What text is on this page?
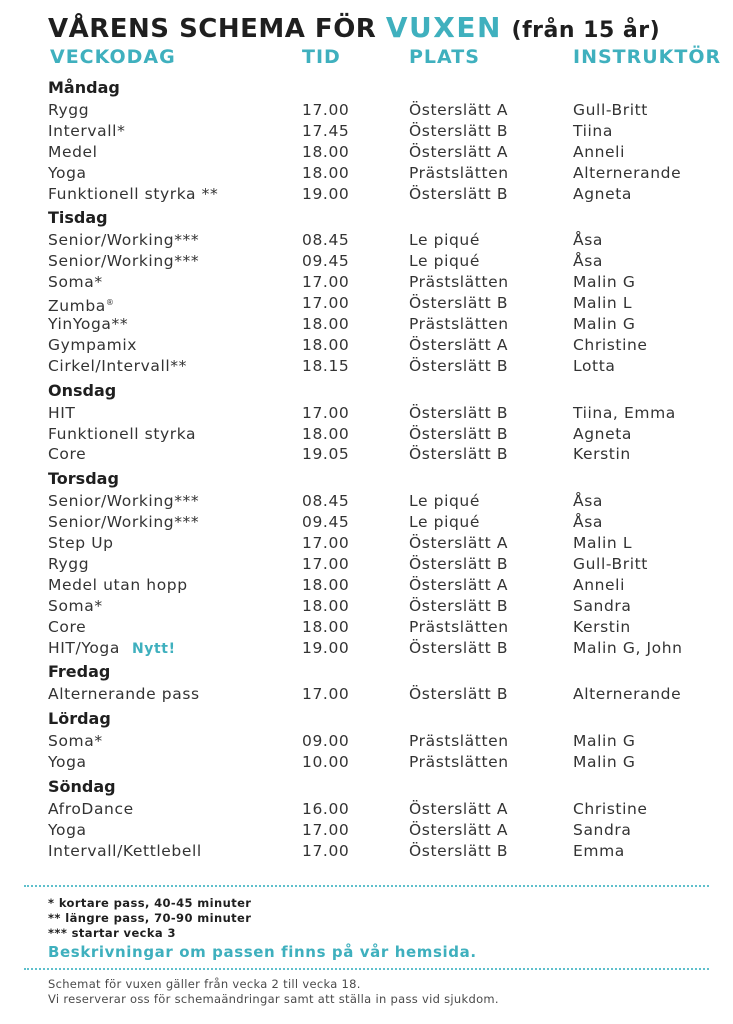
VÅRENS SCHEMA FÖR VUXEN (från 15 år)
VECKODAG	TID	PLATS	INSTRUKTÖR
Måndag
Rygg	17.00	Österslätt A	Gull-Britt
Intervall*	17.45	Österslätt B	Tiina
Medel	18.00	Österslätt A	Anneli
Yoga	18.00	Prästslätten	Alternerande
Funktionell styrka **	19.00	Österslätt B	Agneta
Tisdag
Senior/Working***	08.45	Le piqué	Åsa
Senior/Working***	09.45	Le piqué	Åsa
Soma*	17.00	Prästslätten	Malin G
Zumba®	17.00	Österslätt B	Malin L
YinYoga**	18.00	Prästslätten	Malin G
Gympamix	18.00	Österslätt A	Christine
Cirkel/Intervall**	18.15	Österslätt B	Lotta
Onsdag
HIT	17.00	Österslätt B	Tiina, Emma
Funktionell styrka	18.00	Österslätt B	Agneta
Core	19.05	Österslätt B	Kerstin
Torsdag
Senior/Working***	08.45	Le piqué	Åsa
Senior/Working***	09.45	Le piqué	Åsa
Step Up	17.00	Österslätt A	Malin L
Rygg	17.00	Österslätt B	Gull-Britt
Medel utan hopp	18.00	Österslätt A	Anneli
Soma*	18.00	Österslätt B	Sandra
Core	18.00	Prästslätten	Kerstin
HIT/Yoga Nytt!	19.00	Österslätt B	Malin G, John
Fredag
Alternerande pass	17.00	Österslätt B	Alternerande
Lördag
Soma*	09.00	Prästslätten	Malin G
Yoga	10.00	Prästslätten	Malin G
Söndag
AfroDance	16.00	Österslätt A	Christine
Yoga	17.00	Österslätt A	Sandra
Intervall/Kettlebell	17.00	Österslätt B	Emma
* kortare pass, 40-45 minuter
** längre pass, 70-90 minuter
*** startar vecka 3
Beskrivningar om passen finns på vår hemsida.
Schemat för vuxen gäller från vecka 2 till vecka 18.
Vi reserverar oss för schemaändringar samt att ställa in pass vid sjukdom.
